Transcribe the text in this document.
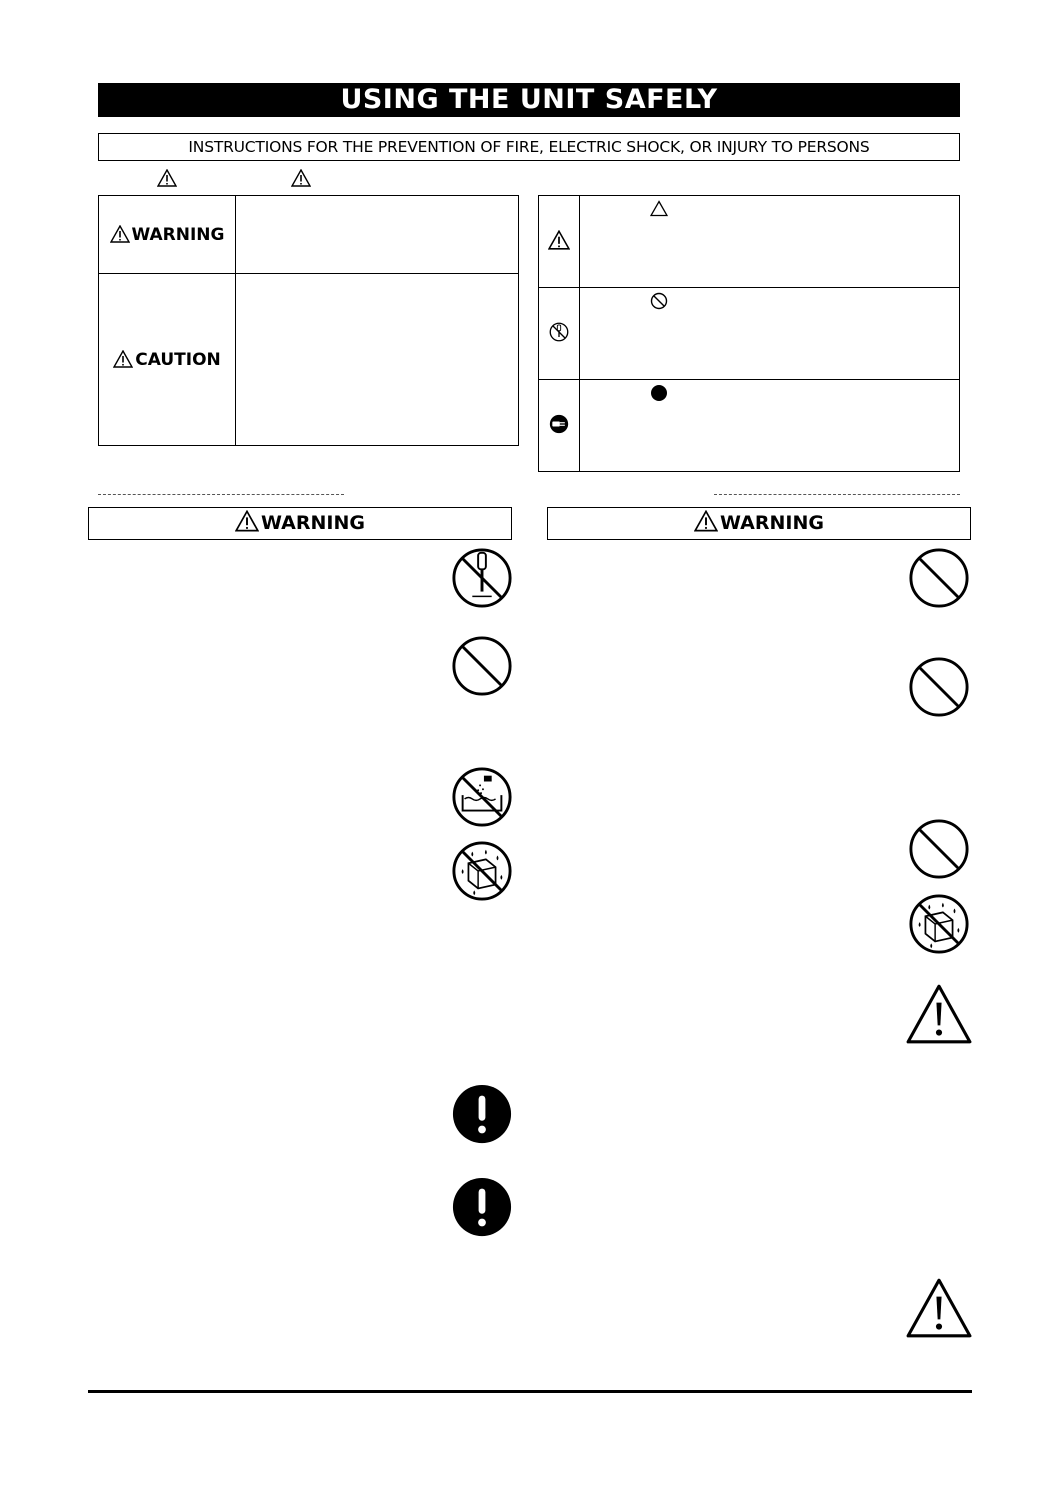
USING THE UNIT SAFELY
INSTRUCTIONS FOR THE PREVENTION OF FIRE, ELECTRIC SHOCK, OR INJURY TO PERSONS
WARNING	
CAUTION	

WARNING	WARNING
